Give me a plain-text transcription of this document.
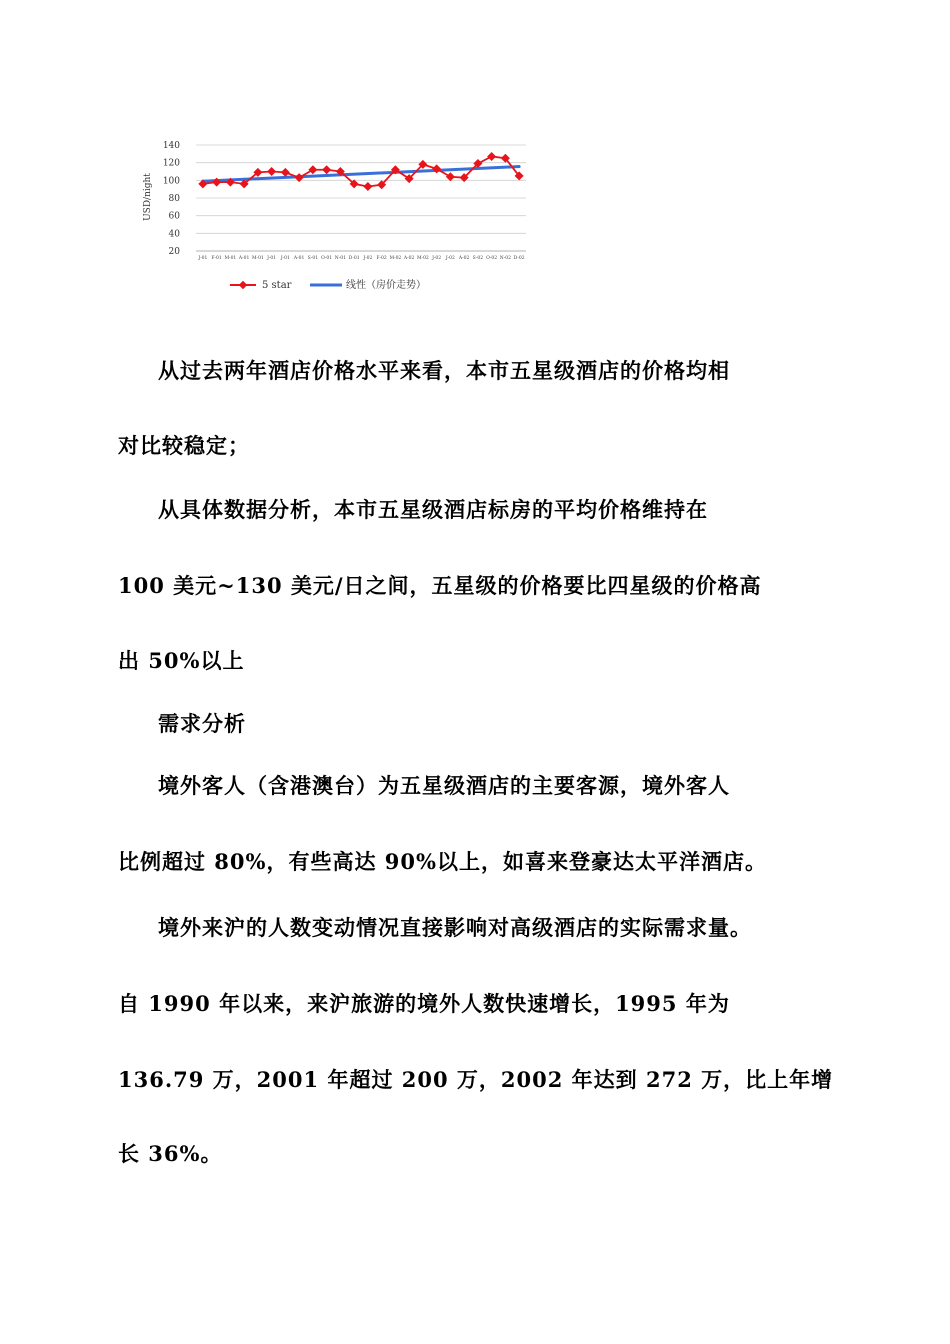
20
40
60
80
100
120
140
USD/night
J-01 F-01 M-01 A-01 M-01 J-01 J-01 A-01 S-01 O-01 N-01 D-01 J-02 F-02 M-02 A-02 M-02 J-02 J-02 A-02 S-02 O-02 N-02 D-02
5 star	线性（房价走势）

从过去两年酒店价格水平来看，本市五星级酒店的价格均相

对比较稳定；

从具体数据分析，本市五星级酒店标房的平均价格维持在

100 美元~130 美元/日之间，五星级的价格要比四星级的价格高

出 50%以上

需求分析

境外客人（含港澳台）为五星级酒店的主要客源，境外客人

比例超过 80%，有些高达 90%以上，如喜来登豪达太平洋酒店。

境外来沪的人数变动情况直接影响对高级酒店的实际需求量。

自 1990 年以来，来沪旅游的境外人数快速增长，1995 年为

136.79 万，2001 年超过 200 万，2002 年达到 272 万，比上年增

长 36%。
